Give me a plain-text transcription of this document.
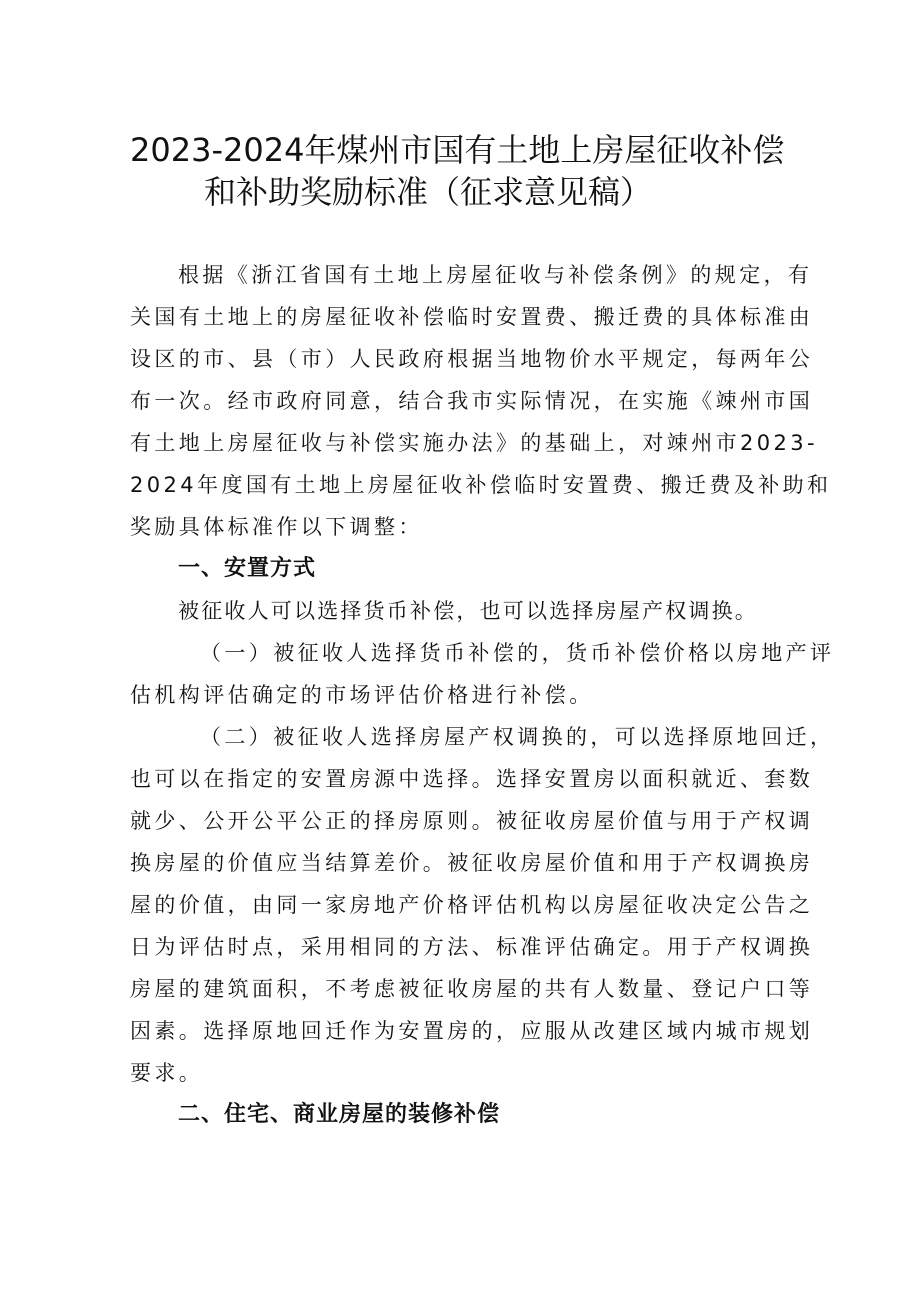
2023-2024年煤州市国有土地上房屋征收补偿
和补助奖励标准（征求意见稿）

根据《浙江省国有土地上房屋征收与补偿条例》的规定，有

关国有土地上的房屋征收补偿临时安置费、搬迁费的具体标准由

设区的市、县（市）人民政府根据当地物价水平规定，每两年公

布一次。经市政府同意，结合我市实际情况，在实施《竦州市国

有土地上房屋征收与补偿实施办法》的基础上，对竦州市2023-

2024年度国有土地上房屋征收补偿临时安置费、搬迁费及补助和

奖励具体标准作以下调整：

一、安置方式

被征收人可以选择货币补偿，也可以选择房屋产权调换。

（一）被征收人选择货币补偿的，货币补偿价格以房地产评

估机构评估确定的市场评估价格进行补偿。

（二）被征收人选择房屋产权调换的，可以选择原地回迁，

也可以在指定的安置房源中选择。选择安置房以面积就近、套数

就少、公开公平公正的择房原则。被征收房屋价值与用于产权调

换房屋的价值应当结算差价。被征收房屋价值和用于产权调换房

屋的价值，由同一家房地产价格评估机构以房屋征收决定公告之

日为评估时点，采用相同的方法、标准评估确定。用于产权调换

房屋的建筑面积，不考虑被征收房屋的共有人数量、登记户口等

因素。选择原地回迁作为安置房的，应服从改建区域内城市规划

要求。

二、住宅、商业房屋的装修补偿
